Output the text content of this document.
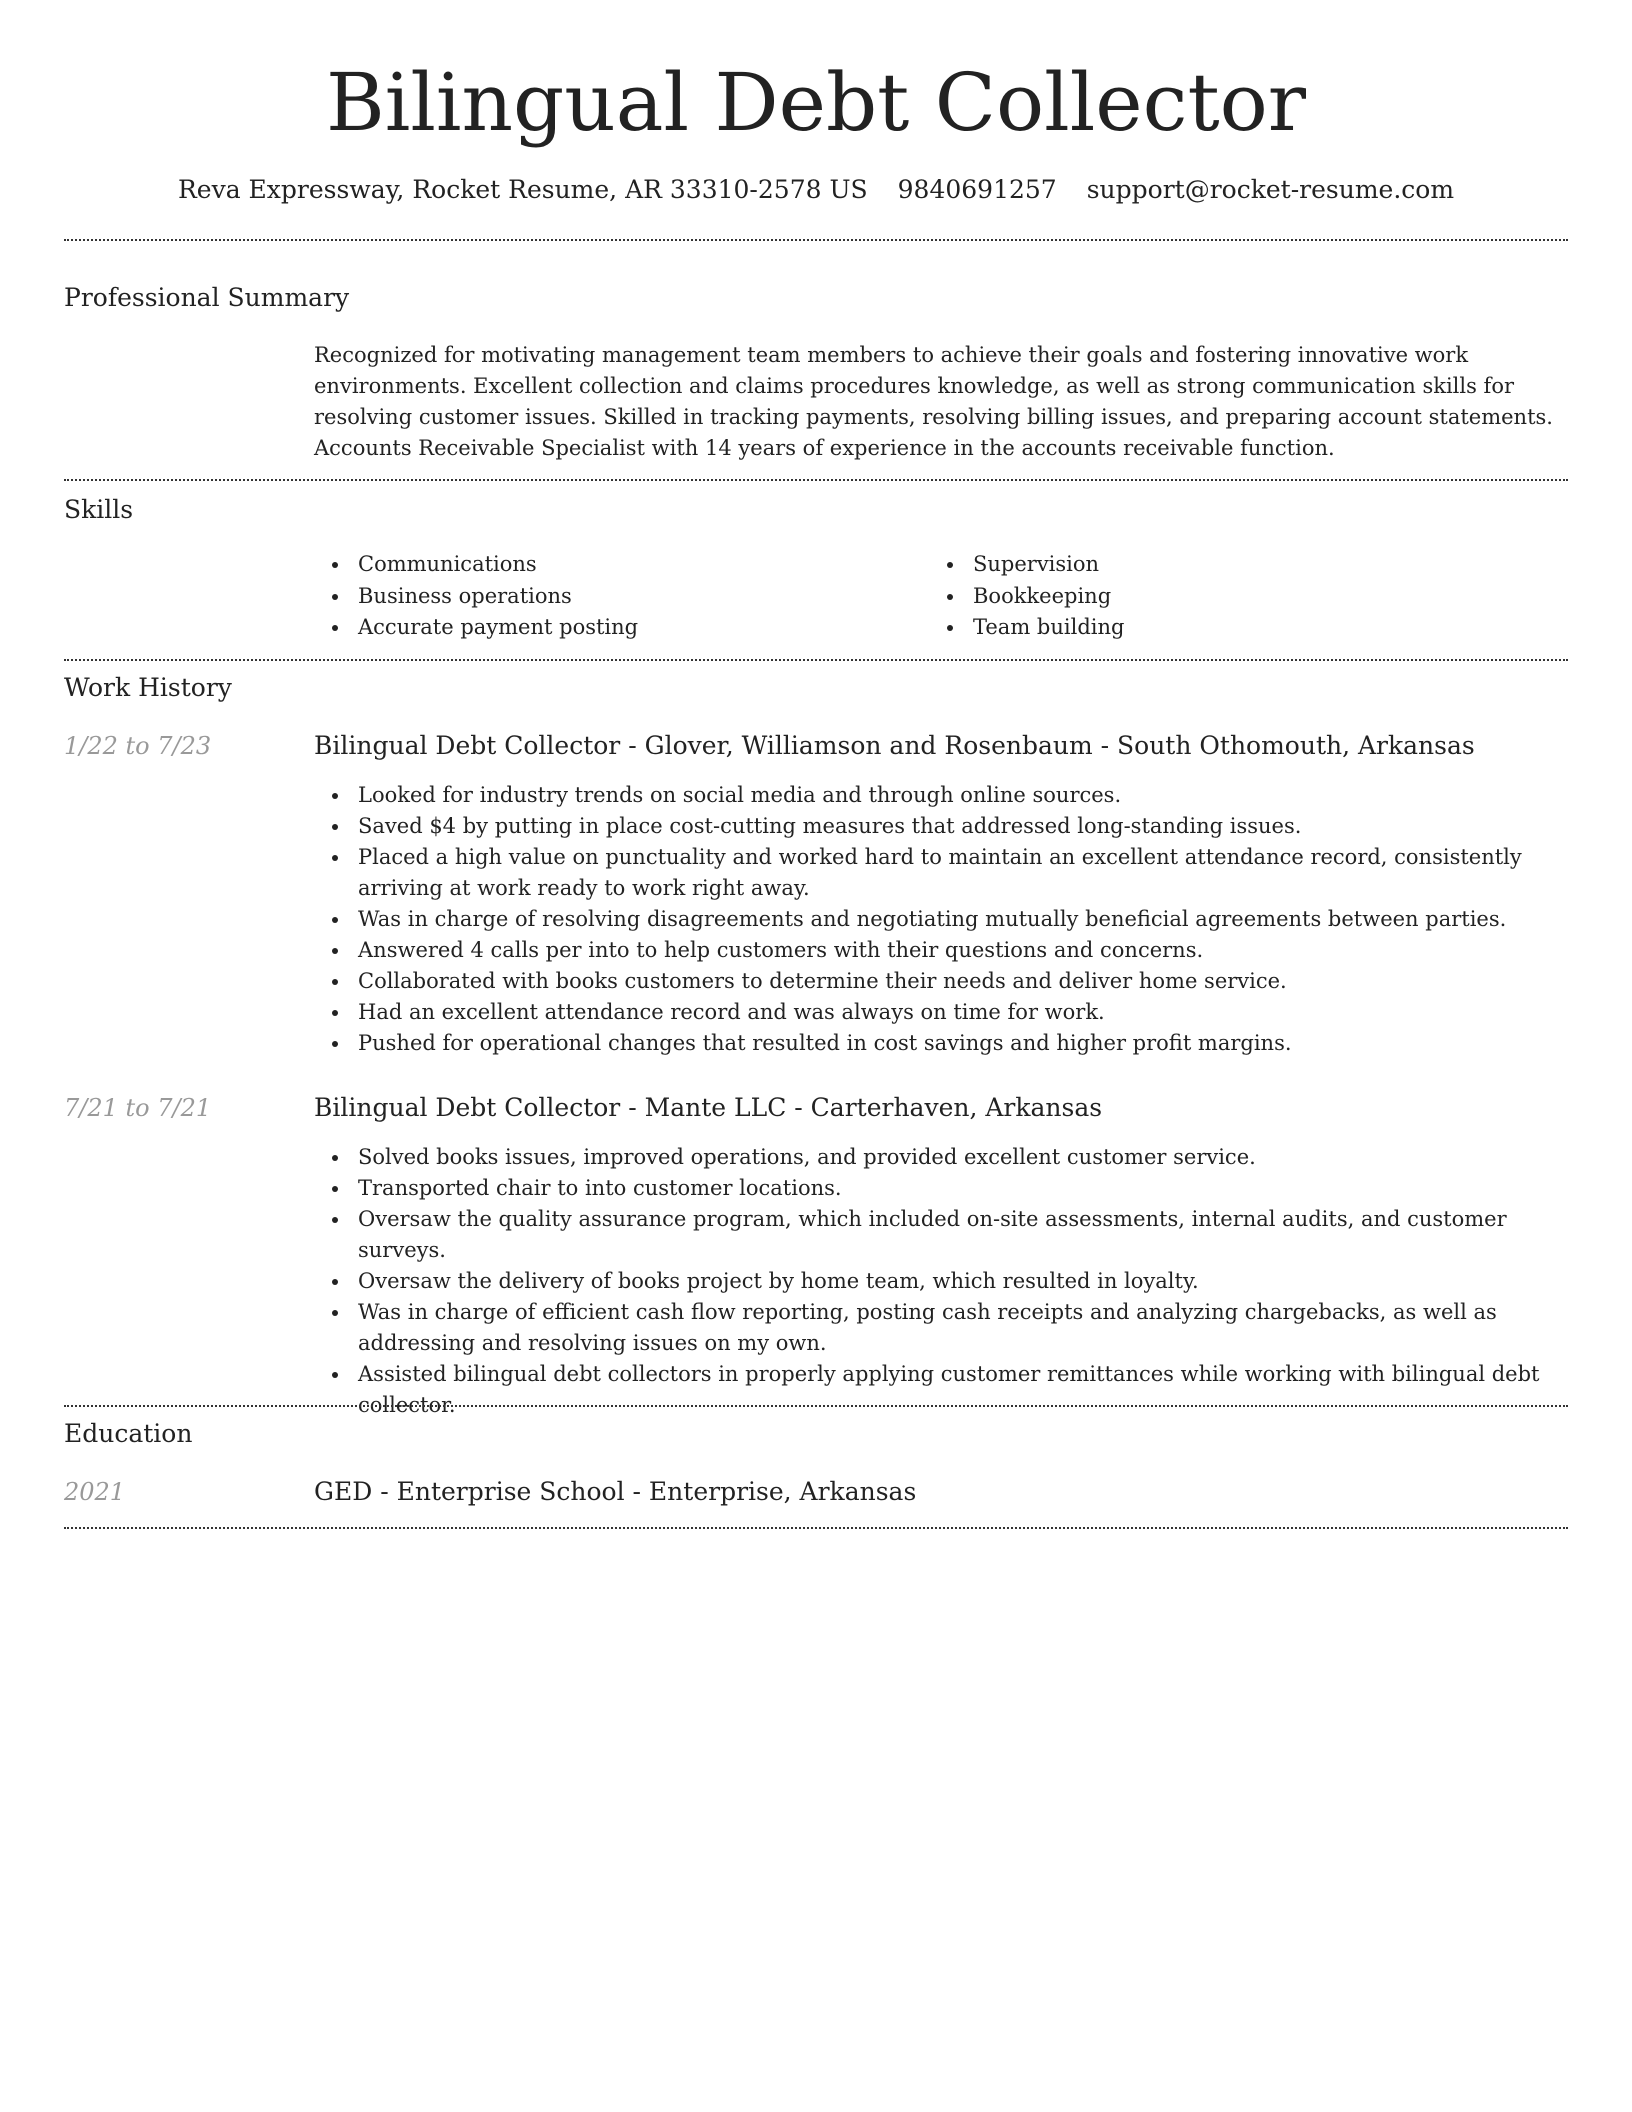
Bilingual Debt Collector
Reva Expressway, Rocket Resume, AR 33310-2578 US 9840691257 support@rocket-resume.com
Professional Summary
Recognized for motivating management team members to achieve their goals and fostering innovative work environments. Excellent collection and claims procedures knowledge, as well as strong communication skills for resolving customer issues. Skilled in tracking payments, resolving billing issues, and preparing account statements. Accounts Receivable Specialist with 14 years of experience in the accounts receivable function.
Skills
Communications
Business operations
Accurate payment posting
Supervision
Bookkeeping
Team building
Work History
1/22 to 7/23	Bilingual Debt Collector - Glover, Williamson and Rosenbaum - South Othomouth, Arkansas
Looked for industry trends on social media and through online sources.
Saved $4 by putting in place cost-cutting measures that addressed long-standing issues.
Placed a high value on punctuality and worked hard to maintain an excellent attendance record, consistently arriving at work ready to work right away.
Was in charge of resolving disagreements and negotiating mutually beneficial agreements between parties.
Answered 4 calls per into to help customers with their questions and concerns.
Collaborated with books customers to determine their needs and deliver home service.
Had an excellent attendance record and was always on time for work.
Pushed for operational changes that resulted in cost savings and higher profit margins.
7/21 to 7/21	Bilingual Debt Collector - Mante LLC - Carterhaven, Arkansas
Solved books issues, improved operations, and provided excellent customer service.
Transported chair to into customer locations.
Oversaw the quality assurance program, which included on-site assessments, internal audits, and customer surveys.
Oversaw the delivery of books project by home team, which resulted in loyalty.
Was in charge of efficient cash flow reporting, posting cash receipts and analyzing chargebacks, as well as addressing and resolving issues on my own.
Assisted bilingual debt collectors in properly applying customer remittances while working with bilingual debt collector.
Education
2021	GED - Enterprise School - Enterprise, Arkansas
